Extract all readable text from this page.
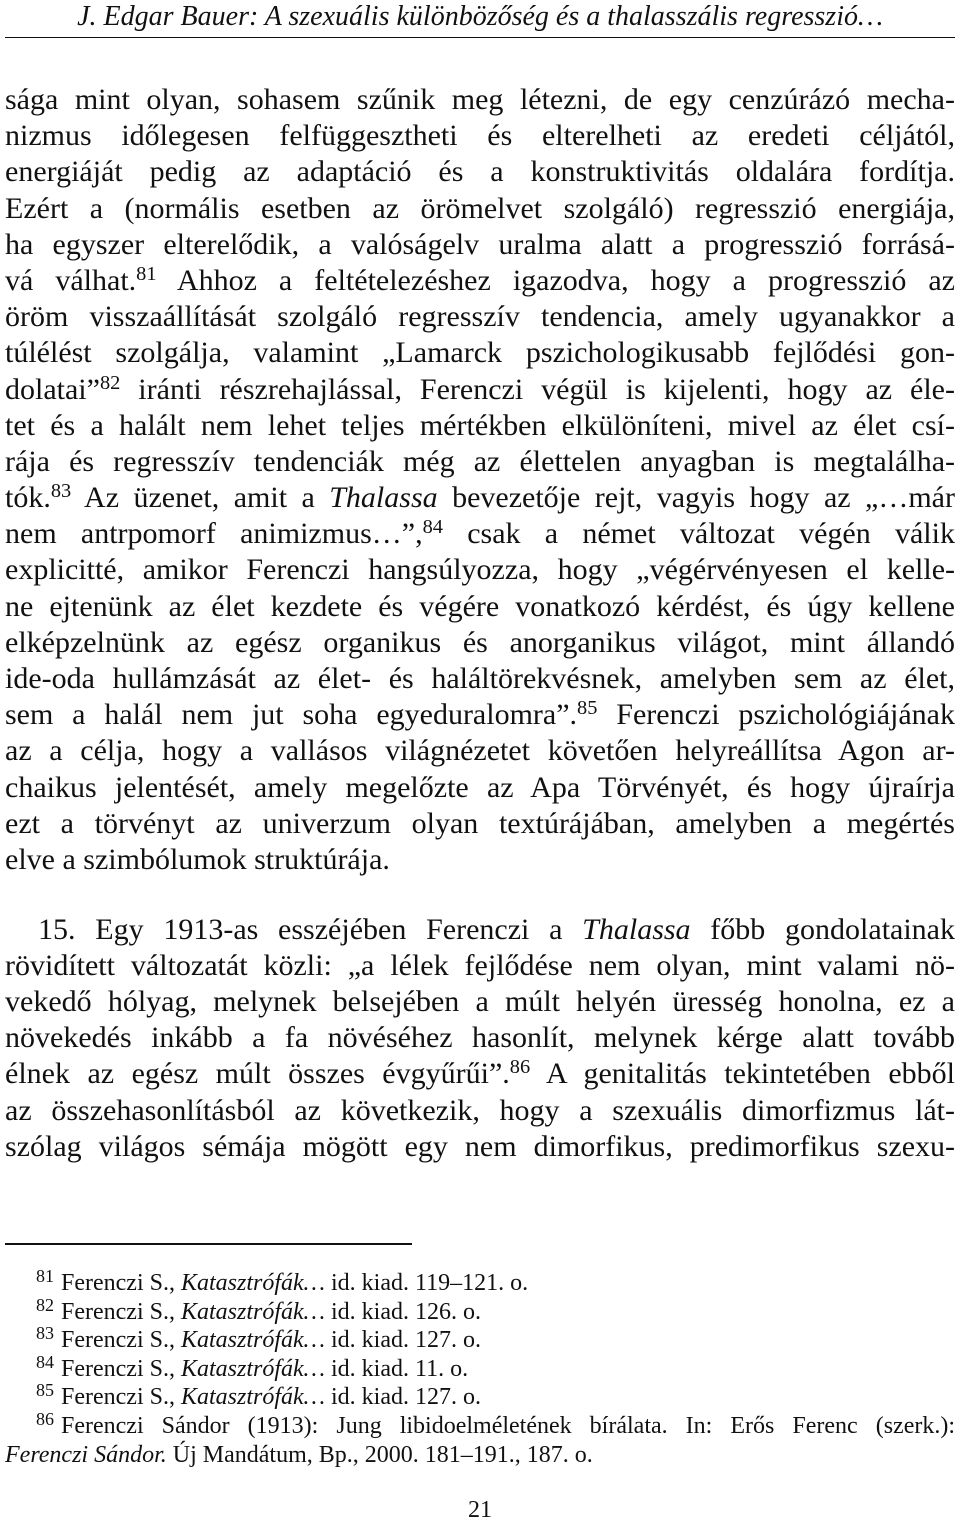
J. Edgar Bauer: A szexuális különbözőség és a thalasszális regresszió…
sága mint olyan, sohasem szűnik meg létezni, de egy cenzúrázó mecha-
nizmus időlegesen felfüggesztheti és elterelheti az eredeti céljától,
energiáját pedig az adaptáció és a konstruktivitás oldalára fordítja.
Ezért a (normális esetben az örömelvet szolgáló) regresszió energiája,
ha egyszer elterelődik, a valóságelv uralma alatt a progresszió forrásá-
vá válhat.$^{81}$ Ahhoz a feltételezéshez igazodva, hogy a progresszió az
öröm visszaállítását szolgáló regresszív tendencia, amely ugyanakkor a
túlélést szolgálja, valamint „Lamarck pszichologikusabb fejlődési gon-
dolatai”$^{82}$ iránti részrehajlással, Ferenczi végül is kijelenti, hogy az éle-
tet és a halált nem lehet teljes mértékben elkülöníteni, mivel az élet csí-
rája és regresszív tendenciák még az élettelen anyagban is megtalálha-
tók.$^{83}$ Az üzenet, amit a Thalassa bevezetője rejt, vagyis hogy az „…már
nem antrpomorf animizmus…”,$^{84}$ csak a német változat végén válik
explicitté, amikor Ferenczi hangsúlyozza, hogy „végérvényesen el kelle-
ne ejtenünk az élet kezdete és végére vonatkozó kérdést, és úgy kellene
elképzelnünk az egész organikus és anorganikus világot, mint állandó
ide-oda hullámzását az élet- és haláltörekvésnek, amelyben sem az élet,
sem a halál nem jut soha egyeduralomra”.$^{85}$ Ferenczi pszichológiájának
az a célja, hogy a vallásos világnézetet követően helyreállítsa Agon ar-
chaikus jelentését, amely megelőzte az Apa Törvényét, és hogy újraírja
ezt a törvényt az univerzum olyan textúrájában, amelyben a megértés
elve a szimbólumok struktúrája.
15. Egy 1913-as esszéjében Ferenczi a Thalassa főbb gondolatainak
rövidített változatát közli: „a lélek fejlődése nem olyan, mint valami nö-
vekedő hólyag, melynek belsejében a múlt helyén üresség honolna, ez a
növekedés inkább a fa növéséhez hasonlít, melynek kérge alatt tovább
élnek az egész múlt összes évgyűrűi”.$^{86}$ A genitalitás tekintetében ebből
az összehasonlításból az következik, hogy a szexuális dimorfizmus lát-
szólag világos sémája mögött egy nem dimorfikus, predimorfikus szexu-
$^{81}$ Ferenczi S., Katasztrófák… id. kiad. 119–121. o.
$^{82}$ Ferenczi S., Katasztrófák… id. kiad. 126. o.
$^{83}$ Ferenczi S., Katasztrófák… id. kiad. 127. o.
$^{84}$ Ferenczi S., Katasztrófák… id. kiad. 11. o.
$^{85}$ Ferenczi S., Katasztrófák… id. kiad. 127. o.
$^{86}$ Ferenczi Sándor (1913): Jung libidoelméletének bírálata. In: Erős Ferenc (szerk.):
Ferenczi Sándor. Új Mandátum, Bp., 2000. 181–191., 187. o.
21
